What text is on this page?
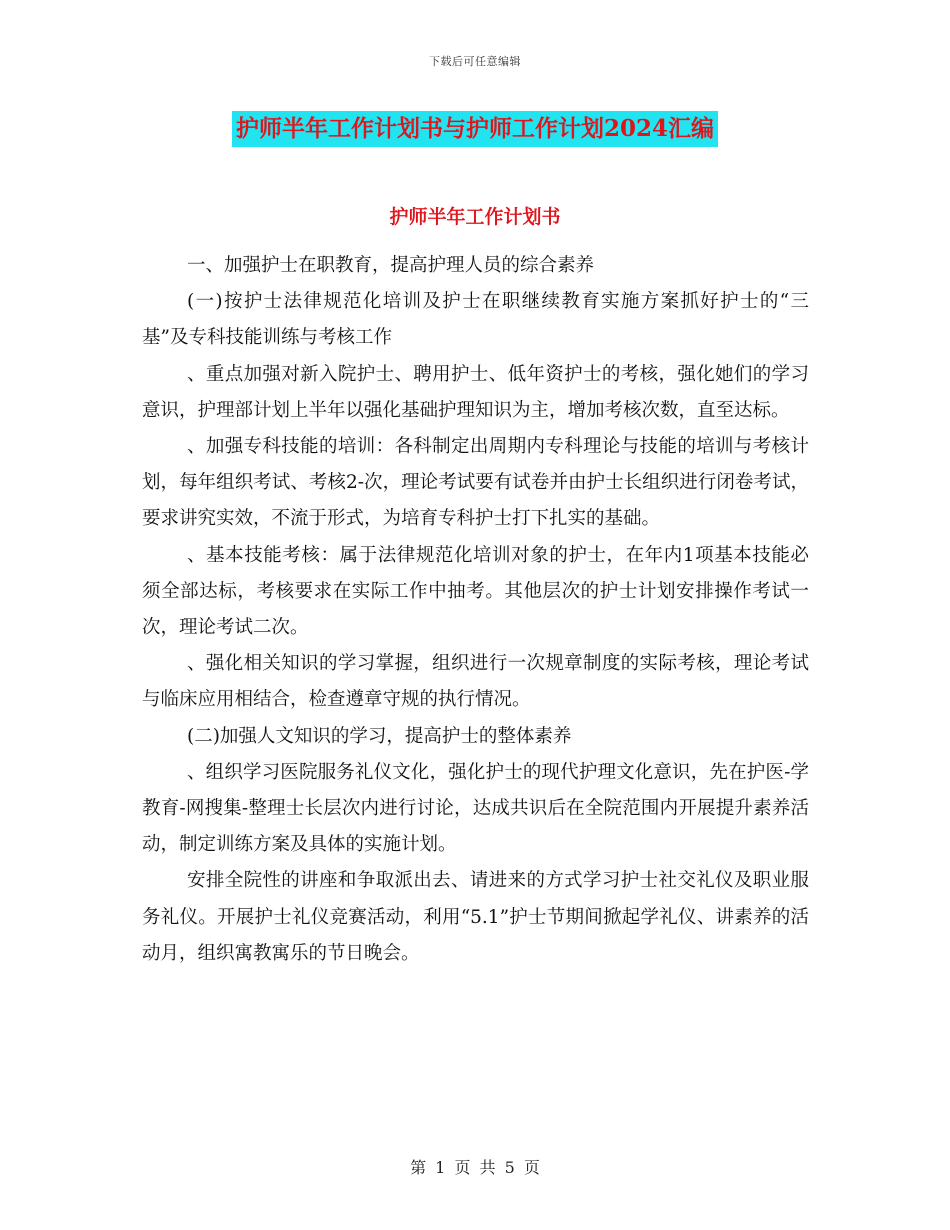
下载后可任意编辑
护师半年工作计划书与护师工作计划2024汇编
护师半年工作计划书

一、加强护士在职教育，提高护理人员的综合素养

(一)按护士法律规范化培训及护士在职继续教育实施方案抓好护士的“三基”及专科技能训练与考核工作

、重点加强对新入院护士、聘用护士、低年资护士的考核，强化她们的学习意识，护理部计划上半年以强化基础护理知识为主，增加考核次数，直至达标。

、加强专科技能的培训：各科制定出周期内专科理论与技能的培训与考核计划，每年组织考试、考核2-次，理论考试要有试卷并由护士长组织进行闭卷考试，要求讲究实效，不流于形式，为培育专科护士打下扎实的基础。

、基本技能考核：属于法律规范化培训对象的护士，在年内1项基本技能必须全部达标，考核要求在实际工作中抽考。其他层次的护士计划安排操作考试一次，理论考试二次。

、强化相关知识的学习掌握，组织进行一次规章制度的实际考核，理论考试与临床应用相结合，检查遵章守规的执行情况。

(二)加强人文知识的学习，提高护士的整体素养

、组织学习医院服务礼仪文化，强化护士的现代护理文化意识，先在护医-学教育-网搜集-整理士长层次内进行讨论，达成共识后在全院范围内开展提升素养活动，制定训练方案及具体的实施计划。

安排全院性的讲座和争取派出去、请进来的方式学习护士社交礼仪及职业服务礼仪。开展护士礼仪竞赛活动，利用“5.1”护士节期间掀起学礼仪、讲素养的活动月，组织寓教寓乐的节日晚会。

第 1 页 共 5 页
